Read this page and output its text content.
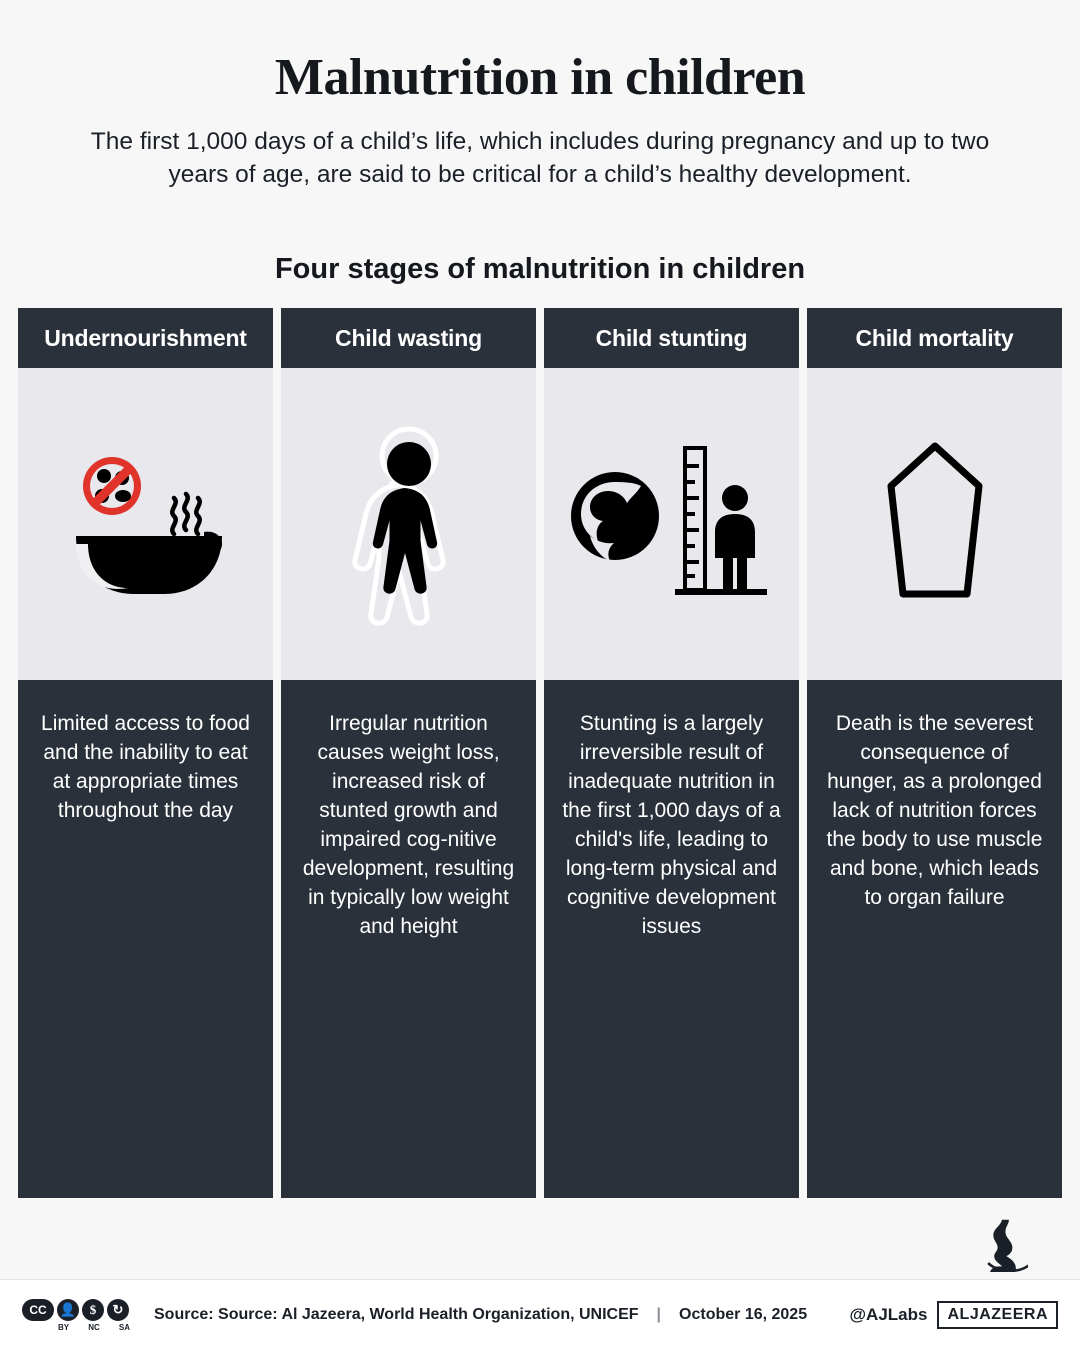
Malnutrition in children

The first 1,000 days of a child’s life, which includes during pregnancy and up to two years of age, are said to be critical for a child’s healthy development.

Four stages of malnutrition in children
Undernourishment
Limited access to food and the inability to eat at appropriate times throughout the day
Child wasting
Irregular nutrition causes weight loss, increased risk of stunted growth and impaired cog-nitive development, resulting in typically low weight and height
Child stunting
Stunting is a largely irreversible result of inadequate nutrition in the first 1,000 days of a child's life, leading to long-term physical and cognitive development issues
Child mortality
Death is the severest consequence of hunger, as a prolonged lack of nutrition forces the body to use muscle and bone, which leads to organ failure
CC	👤	$	↻
BY NC SA
Source: Source: Al Jazeera, World Health Organization, UNICEF | October 16, 2025 @AJLabs	ALJAZEERA
